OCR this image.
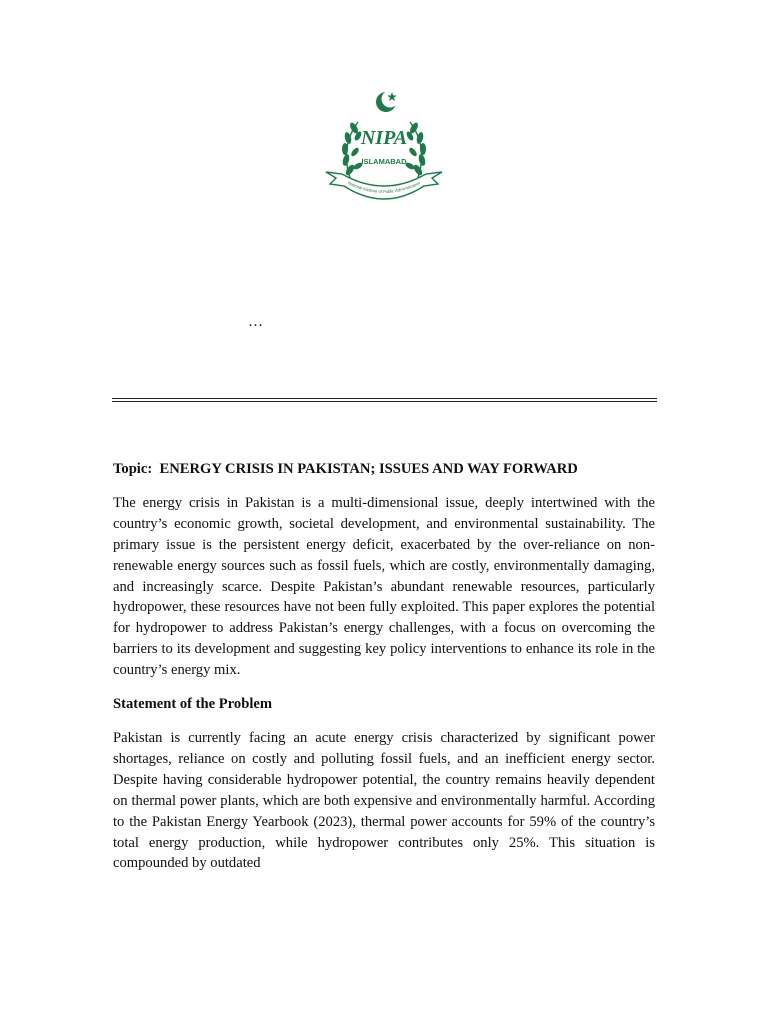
NIPA
ISLAMABAD
National Institute of Public Administration
…

Topic: ENERGY CRISIS IN PAKISTAN; ISSUES AND WAY FORWARD

The energy crisis in Pakistan is a multi-dimensional issue, deeply intertwined with the country’s economic growth, societal development, and environmental sustainability. The primary issue is the persistent energy deficit, exacerbated by the over-reliance on non-renewable energy sources such as fossil fuels, which are costly, environmentally damaging, and increasingly scarce. Despite Pakistan’s abundant renewable resources, particularly hydropower, these resources have not been fully exploited. This paper explores the potential for hydropower to address Pakistan’s energy challenges, with a focus on overcoming the barriers to its development and suggesting key policy interventions to enhance its role in the country’s energy mix.

Statement of the Problem

Pakistan is currently facing an acute energy crisis characterized by significant power shortages, reliance on costly and polluting fossil fuels, and an inefficient energy sector. Despite having considerable hydropower potential, the country remains heavily dependent on thermal power plants, which are both expensive and environmentally harmful. According to the Pakistan Energy Yearbook (2023), thermal power accounts for 59% of the country’s total energy production, while hydropower contributes only 25%. This situation is compounded by outdated
